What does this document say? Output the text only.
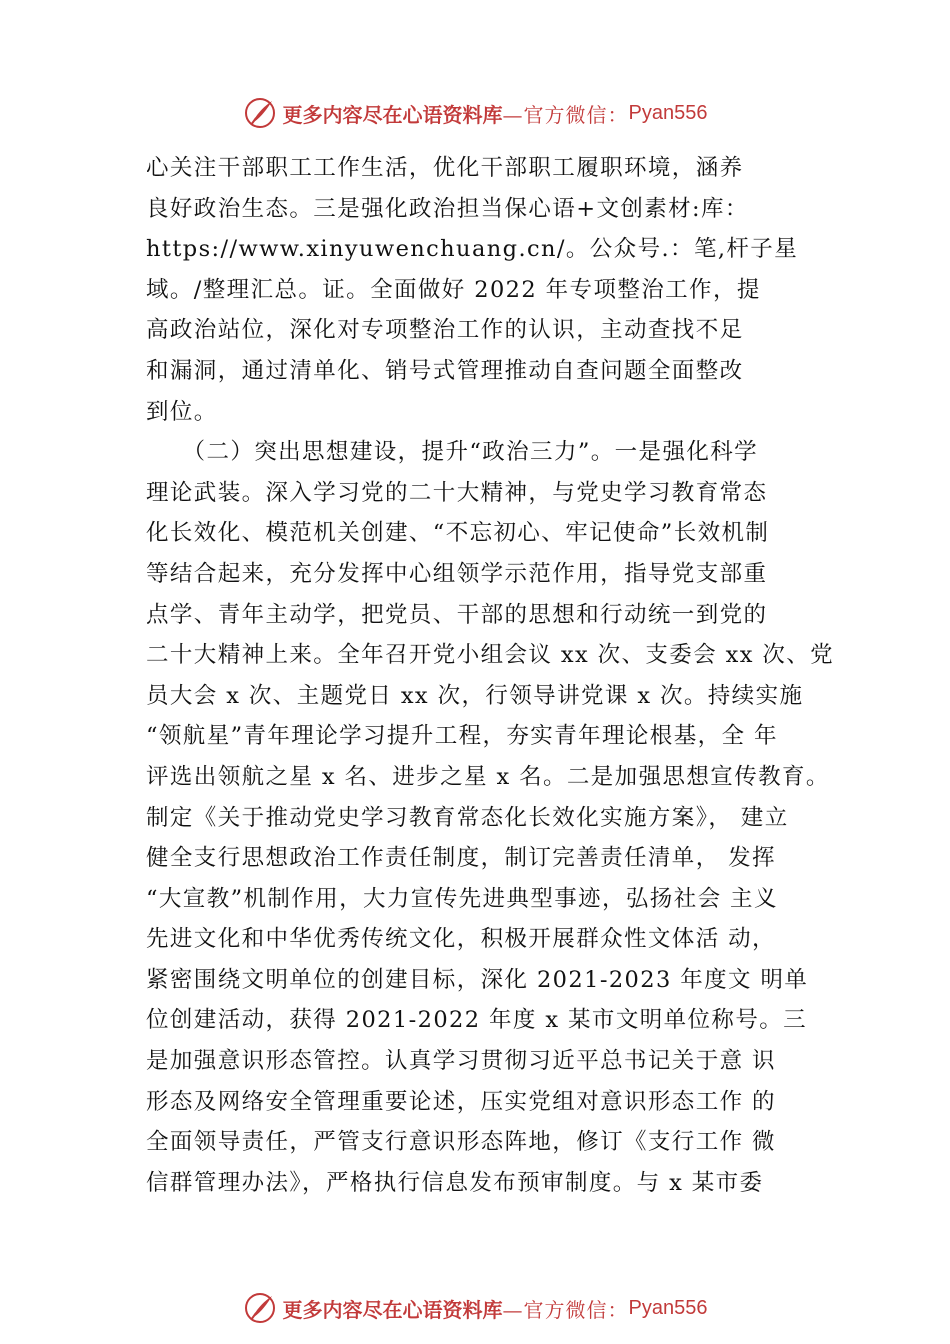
更多内容尽在心语资料库 —官方微信： Pyan556
心关注干部职工工作生活，优化干部职工履职环境，涵养
良好政治生态。三是强化政治担当保心语+文创素材:库：
https://www.xinyuwenchuang.cn/。公众号.：笔,杆子星
域。/整理汇总。证。全面做好 2022 年专项整治工作，提
高政治站位，深化对专项整治工作的认识，主动查找不足
和漏洞，通过清单化、销号式管理推动自查问题全面整改
到位。
　　（二）突出思想建设，提升“政治三力”。一是强化科学
理论武装。深入学习党的二十大精神，与党史学习教育常态
化长效化、模范机关创建、“不忘初心、牢记使命”长效机制
等结合起来，充分发挥中心组领学示范作用，指导党支部重
点学、青年主动学，把党员、干部的思想和行动统一到党的
二十大精神上来。全年召开党小组会议 xx 次、支委会 xx 次、党
员大会 x 次、主题党日 xx 次，行领导讲党课 x 次。持续实施
“领航星”青年理论学习提升工程，夯实青年理论根基，全 年
评选出领航之星 x 名、进步之星 x 名。二是加强思想宣传教育。
制定《关于推动党史学习教育常态化长效化实施方案》， 建立
健全支行思想政治工作责任制度，制订完善责任清单， 发挥
“大宣教”机制作用，大力宣传先进典型事迹，弘扬社会 主义
先进文化和中华优秀传统文化，积极开展群众性文体活 动，
紧密围绕文明单位的创建目标，深化 2021-2023 年度文 明单
位创建活动，获得 2021-2022 年度 x 某市文明单位称号。三
是加强意识形态管控。认真学习贯彻习近平总书记关于意 识
形态及网络安全管理重要论述，压实党组对意识形态工作 的
全面领导责任，严管支行意识形态阵地，修订《支行工作 微
信群管理办法》，严格执行信息发布预审制度。与 x 某市委
更多内容尽在心语资料库 —官方微信： Pyan556
